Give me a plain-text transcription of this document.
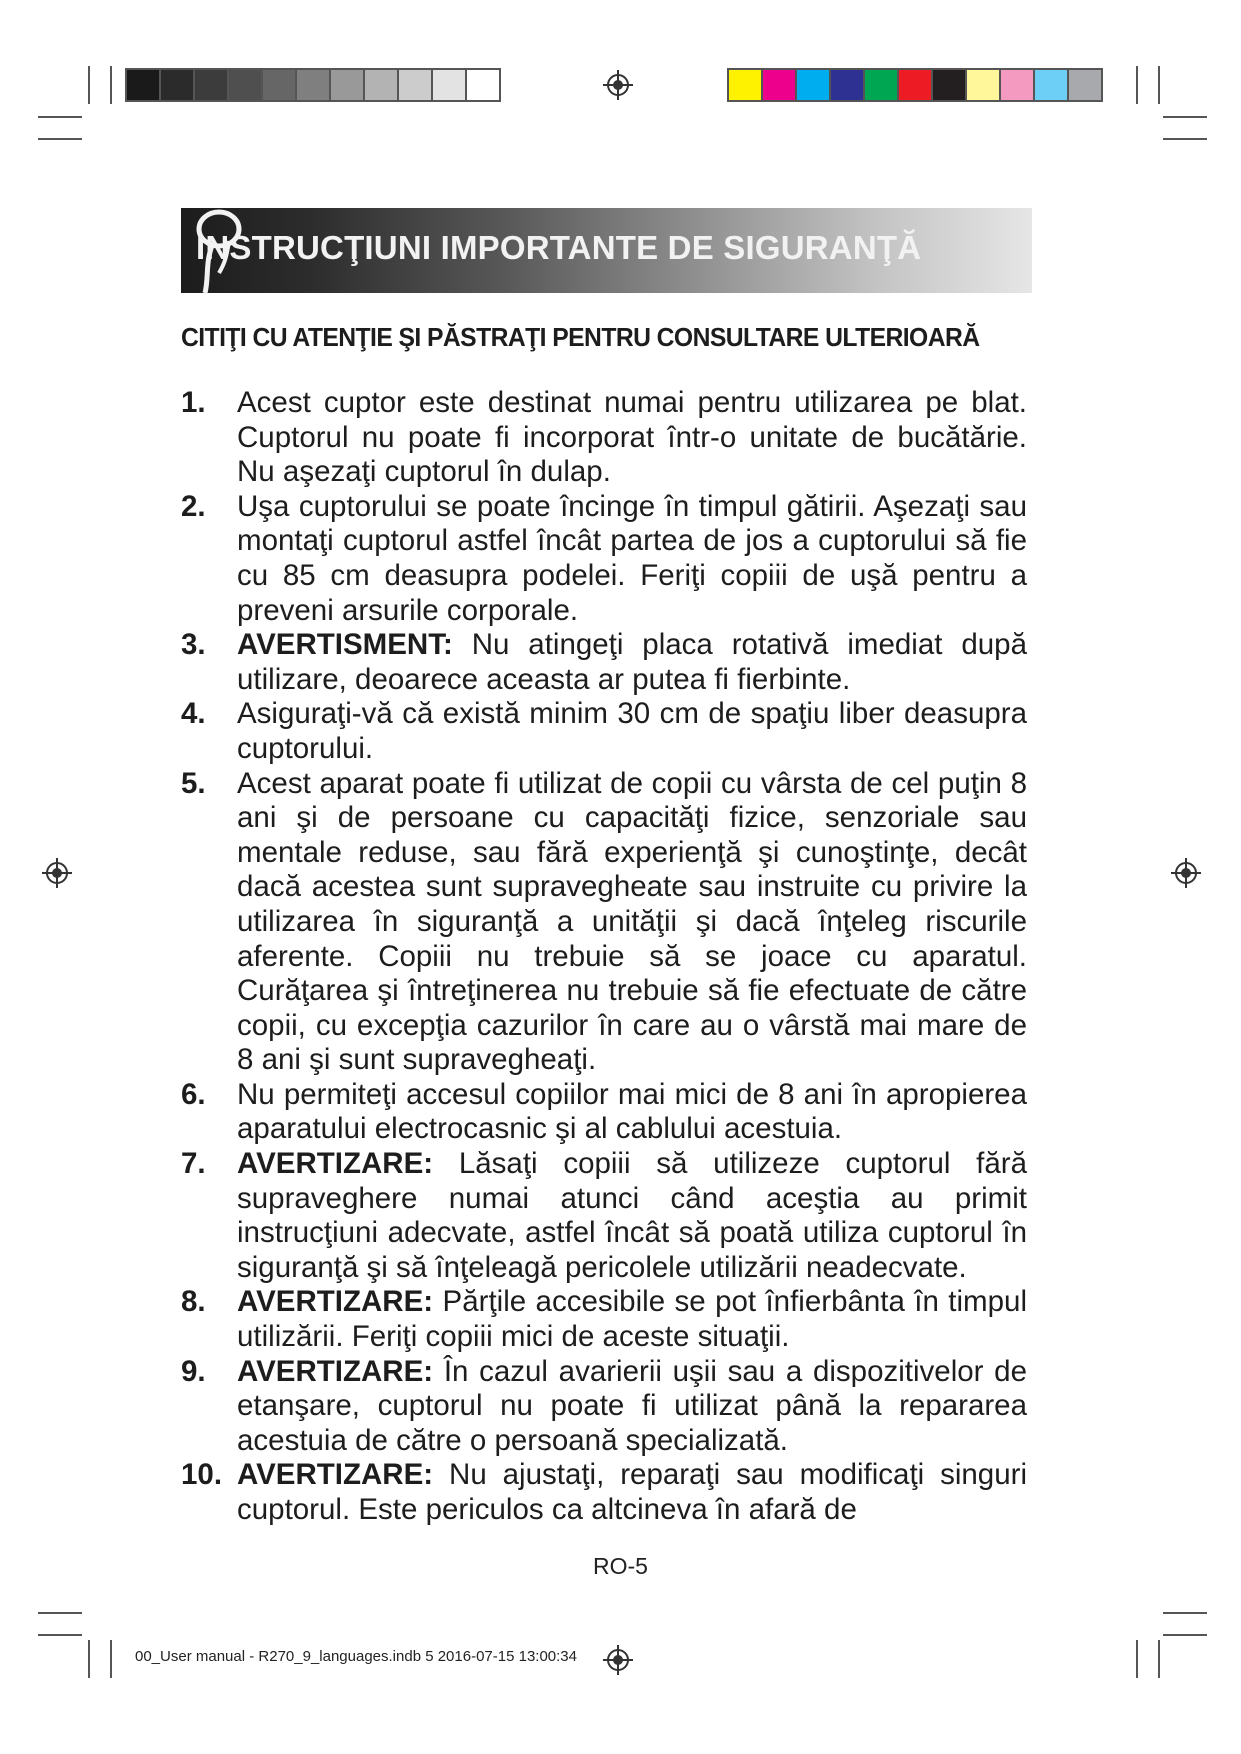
INSTRUCŢIUNI IMPORTANTE DE SIGURANŢĂ
CITIŢI CU ATENŢIE ŞI PĂSTRAŢI PENTRU CONSULTARE ULTERIOARĂ
1. Acest cuptor este destinat numai pentru utilizarea pe blat. Cuptorul nu poate fi incorporat într-o unitate de bucătărie. Nu aşezaţi cuptorul în dulap.
2. Uşa cuptorului se poate încinge în timpul gătirii. Aşezaţi sau montaţi cuptorul astfel încât partea de jos a cuptorului să fie cu 85 cm deasupra podelei. Feriţi copiii de uşă pentru a preveni arsurile corporale.
3. AVERTISMENT: Nu atingeţi placa rotativă imediat după utilizare, deoarece aceasta ar putea fi fierbinte.
4. Asiguraţi-vă că există minim 30 cm de spaţiu liber deasupra cuptorului.
5. Acest aparat poate fi utilizat de copii cu vârsta de cel puţin 8 ani şi de persoane cu capacităţi fizice, senzoriale sau mentale reduse, sau fără experienţă şi cunoştinţe, decât dacă acestea sunt supravegheate sau instruite cu privire la utilizarea în siguranţă a unităţii şi dacă înţeleg riscurile aferente. Copiii nu trebuie să se joace cu aparatul. Curăţarea şi întreţinerea nu trebuie să fie efectuate de către copii, cu excepţia cazurilor în care au o vârstă mai mare de 8 ani şi sunt supravegheaţi.
6. Nu permiteţi accesul copiilor mai mici de 8 ani în apropierea aparatului electrocasnic şi al cablului acestuia.
7. AVERTIZARE: Lăsaţi copiii să utilizeze cuptorul fără supraveghere numai atunci când aceştia au primit instrucţiuni adecvate, astfel încât să poată utiliza cuptorul în siguranţă şi să înţeleagă pericolele utilizării neadecvate.
8. AVERTIZARE: Părţile accesibile se pot înfierbânta în timpul utilizării. Feriţi copiii mici de aceste situaţii.
9. AVERTIZARE: În cazul avarierii uşii sau a dispozitivelor de etanşare, cuptorul nu poate fi utilizat până la repararea acestuia de către o persoană specializată.
10. AVERTIZARE: Nu ajustaţi, reparaţi sau modificaţi singuri cuptorul. Este periculos ca altcineva în afară de
RO-5
00_User manual - R270_9_languages.indb 5 2016-07-15 13:00:34
